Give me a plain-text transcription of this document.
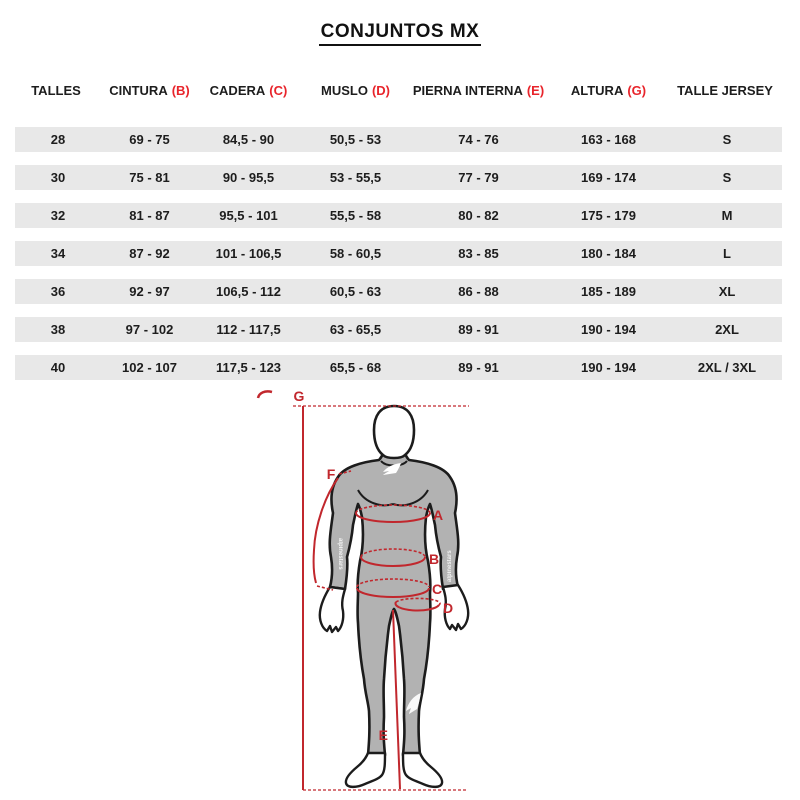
CONJUNTOS MX
TALLES	CINTURA (B)	CADERA (C)	MUSLO (D)	PIERNA INTERNA (E)	ALTURA (G)	TALLE JERSEY
28	69 - 75	84,5 - 90	50,5 - 53	74 - 76	163 - 168	S
30	75 - 81	90 - 95,5	53 - 55,5	77 - 79	169 - 174	S
32	81 - 87	95,5 - 101	55,5 - 58	80 - 82	175 - 179	M
34	87 - 92	101 - 106,5	58 - 60,5	83 - 85	180 - 184	L
36	92 - 97	106,5 - 112	60,5 - 63	86 - 88	185 - 189	XL
38	97 - 102	112 - 117,5	63 - 65,5	89 - 91	190 - 194	2XL
40	102 - 107	117,5 - 123	65,5 - 68	89 - 91	190 - 194	2XL / 3XL
alpinestars	alpinestars
A
B
C
D
E
F
G
